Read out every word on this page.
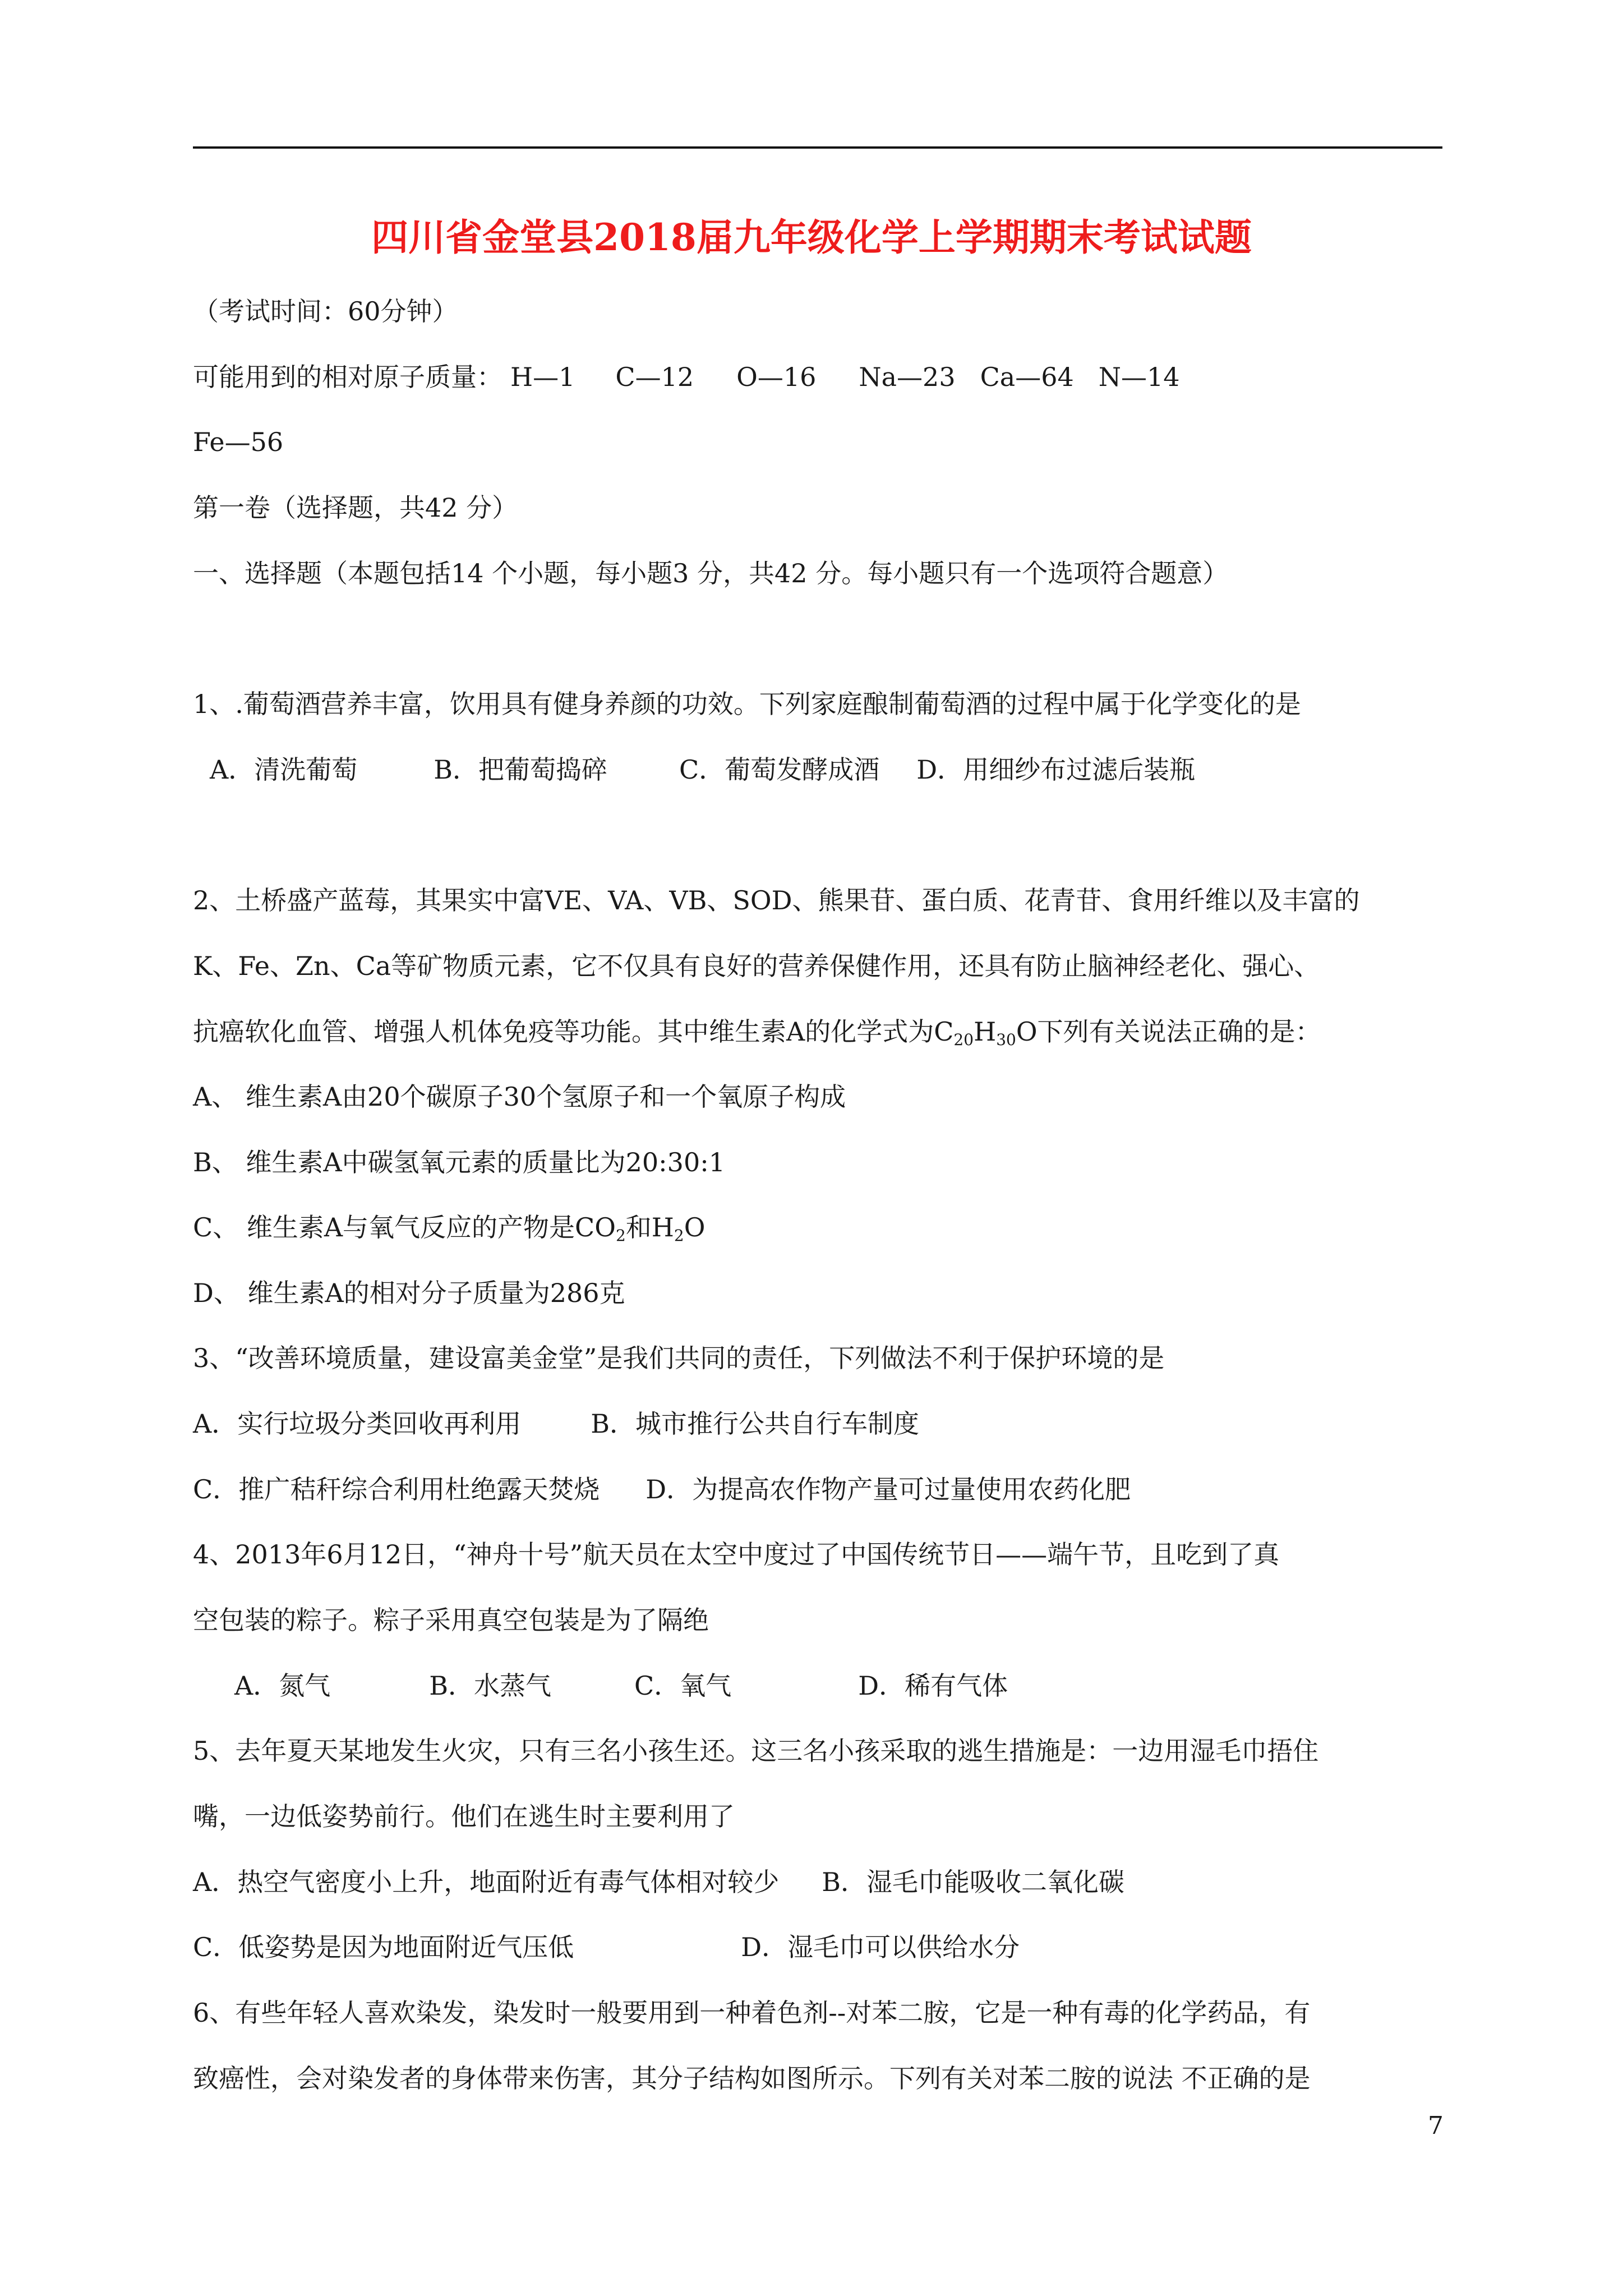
四川省金堂县2018届九年级化学上学期期末考试试题
（考试时间：60分钟）
可能用到的相对原子质量： H—1 C—12 O—16 Na—23 Ca—64 N—14
Fe—56
第一卷（选择题，共42 分）
一、选择题（本题包括14 个小题，每小题3 分，共42 分。每小题只有一个选项符合题意）
1、.葡萄酒营养丰富，饮用具有健身养颜的功效。下列家庭酿制葡萄酒的过程中属于化学变化的是
A．清洗葡萄	B．把葡萄捣碎	C．葡萄发酵成酒 D．用细纱布过滤后装瓶
2、土桥盛产蓝莓，其果实中富VE、VA、VB、SOD、熊果苷、蛋白质、花青苷、食用纤维以及丰富的
K、Fe、Zn、Ca等矿物质元素，它不仅具有良好的营养保健作用，还具有防止脑神经老化、强心、
抗癌软化血管、增强人机体免疫等功能。其中维生素A的化学式为$C_{20}H_{30}O$下列有关说法正确的是：
A、 维生素A由20个碳原子30个氢原子和一个氧原子构成
B、 维生素A中碳氢氧元素的质量比为20:30:1
C、 维生素A与氧气反应的产物是$CO_2$和$H_2O$
D、 维生素A的相对分子质量为286克
3、“改善环境质量，建设富美金堂”是我们共同的责任，下列做法不利于保护环境的是
A．实行垃圾分类回收再利用	B．城市推行公共自行车制度
C．推广秸秆综合利用杜绝露天焚烧 D．为提高农作物产量可过量使用农药化肥
4、2013年6月12日，“神舟十号”航天员在太空中度过了中国传统节日——端午节，且吃到了真
空包装的粽子。粽子采用真空包装是为了隔绝
A．氮气	B．水蒸气	C．氧气	D．稀有气体
5、去年夏天某地发生火灾，只有三名小孩生还。这三名小孩采取的逃生措施是：一边用湿毛巾捂住
嘴，一边低姿势前行。他们在逃生时主要利用了
A．热空气密度小上升，地面附近有毒气体相对较少 B．湿毛巾能吸收二氧化碳
C．低姿势是因为地面附近气压低	D．湿毛巾可以供给水分
6、有些年轻人喜欢染发，染发时一般要用到一种着色剂--对苯二胺，它是一种有毒的化学药品，有
致癌性，会对染发者的身体带来伤害，其分子结构如图所示。下列有关对苯二胺的说法 不正确的是
7
